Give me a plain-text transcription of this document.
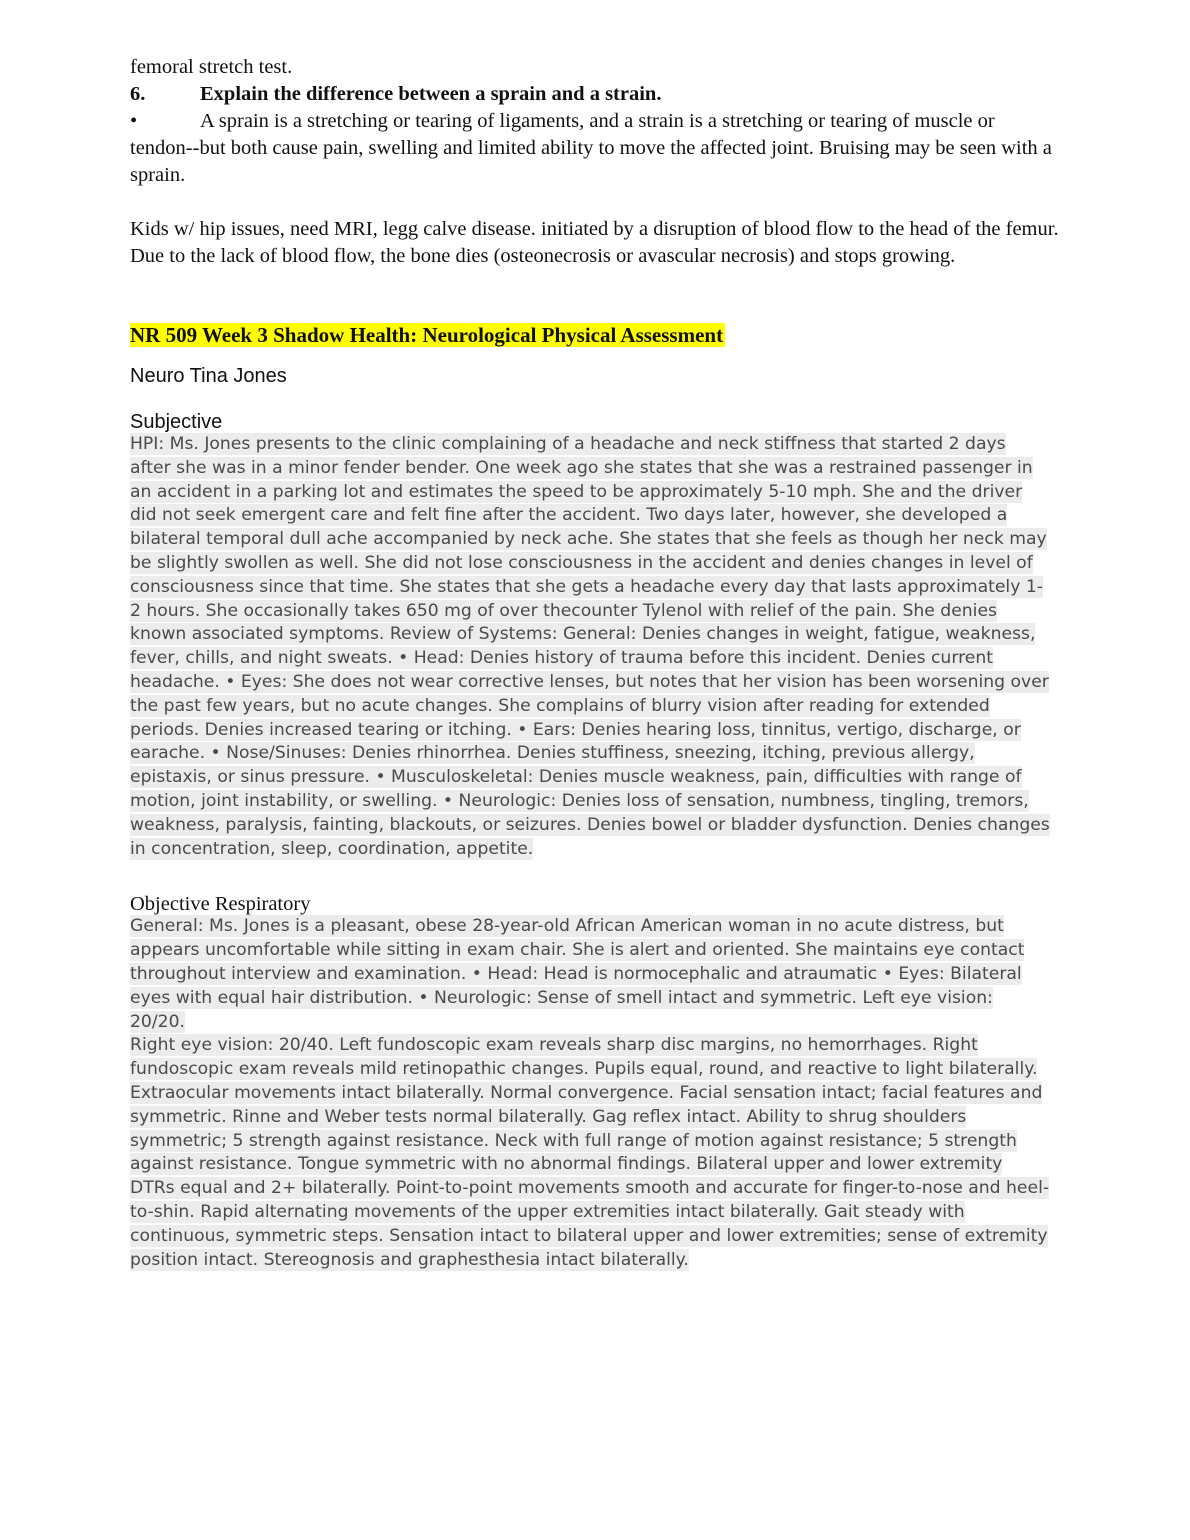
femoral stretch test.

6.	Explain the difference between a sprain and a strain.

•	A sprain is a stretching or tearing of ligaments, and a strain is a stretching or tearing of muscle or tendon--but both cause pain, swelling and limited ability to move the affected joint. Bruising may be seen with a sprain.

Kids w/ hip issues, need MRI, legg calve disease. initiated by a disruption of blood flow to the head of the femur. Due to the lack of blood flow, the bone dies (osteonecrosis or avascular necrosis) and stops growing.

NR 509 Week 3 Shadow Health: Neurological Physical Assessment

Neuro Tina Jones

Subjective

HPI: Ms. Jones presents to the clinic complaining of a headache and neck stiffness that started 2 days after she was in a minor fender bender. One week ago she states that she was a restrained passenger in an accident in a parking lot and estimates the speed to be approximately 5-10 mph. She and the driver did not seek emergent care and felt fine after the accident. Two days later, however, she developed a bilateral temporal dull ache accompanied by neck ache. She states that she feels as though her neck may be slightly swollen as well. She did not lose consciousness in the accident and denies changes in level of consciousness since that time. She states that she gets a headache every day that lasts approximately 1-2 hours. She occasionally takes 650 mg of over thecounter Tylenol with relief of the pain. She denies known associated symptoms. Review of Systems: General: Denies changes in weight, fatigue, weakness, fever, chills, and night sweats. • Head: Denies history of trauma before this incident. Denies current headache. • Eyes: She does not wear corrective lenses, but notes that her vision has been worsening over the past few years, but no acute changes. She complains of blurry vision after reading for extended periods. Denies increased tearing or itching. • Ears: Denies hearing loss, tinnitus, vertigo, discharge, or earache. • Nose/Sinuses: Denies rhinorrhea. Denies stuffiness, sneezing, itching, previous allergy, epistaxis, or sinus pressure. • Musculoskeletal: Denies muscle weakness, pain, difficulties with range of motion, joint instability, or swelling. • Neurologic: Denies loss of sensation, numbness, tingling, tremors, weakness, paralysis, fainting, blackouts, or seizures. Denies bowel or bladder dysfunction. Denies changes in concentration, sleep, coordination, appetite.

Objective Respiratory

General: Ms. Jones is a pleasant, obese 28-year-old African American woman in no acute distress, but appears uncomfortable while sitting in exam chair. She is alert and oriented. She maintains eye contact throughout interview and examination. • Head: Head is normocephalic and atraumatic • Eyes: Bilateral eyes with equal hair distribution. • Neurologic: Sense of smell intact and symmetric. Left eye vision: 20/20.

Right eye vision: 20/40. Left fundoscopic exam reveals sharp disc margins, no hemorrhages. Right fundoscopic exam reveals mild retinopathic changes. Pupils equal, round, and reactive to light bilaterally. Extraocular movements intact bilaterally. Normal convergence. Facial sensation intact; facial features and symmetric. Rinne and Weber tests normal bilaterally. Gag reflex intact. Ability to shrug shoulders symmetric; 5 strength against resistance. Neck with full range of motion against resistance; 5 strength against resistance. Tongue symmetric with no abnormal findings. Bilateral upper and lower extremity DTRs equal and 2+ bilaterally. Point-to-point movements smooth and accurate for finger-to-nose and heel-to-shin. Rapid alternating movements of the upper extremities intact bilaterally. Gait steady with continuous, symmetric steps. Sensation intact to bilateral upper and lower extremities; sense of extremity position intact. Stereognosis and graphesthesia intact bilaterally.
